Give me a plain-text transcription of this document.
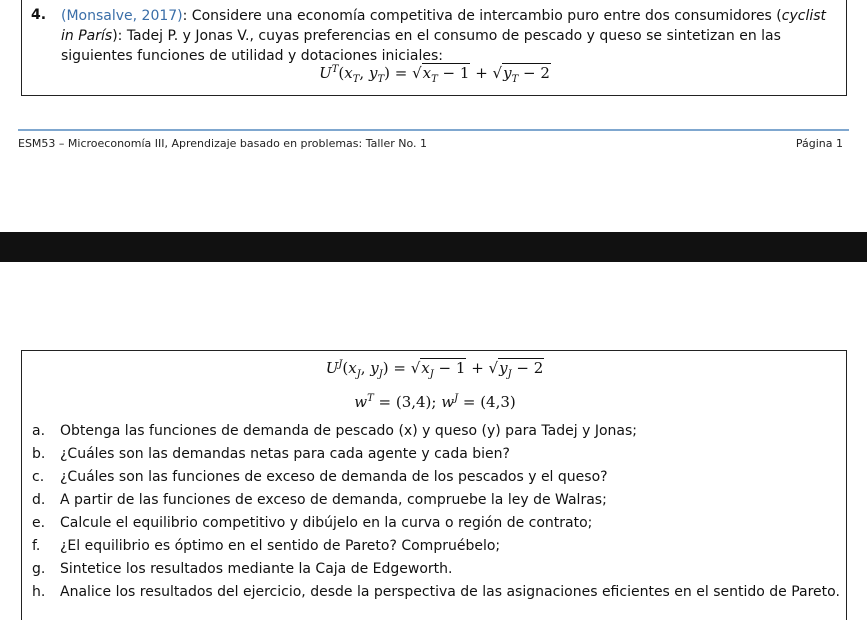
4. (Monsalve, 2017): Considere una economía competitiva de intercambio puro entre dos consumidores (cyclist in París): Tadej P. y Jonas V., cuyas preferencias en el consumo de pescado y queso se sintetizan en las siguientes funciones de utilidad y dotaciones iniciales:
$U^T(x_T$, $y_T) = √x_T - 1 + √y_T - 2$
ESM53 – Microeconomía III, Aprendizaje basado en problemas: Taller No. 1	Página 1
$U^J(x_J$, $y_J) = √x_J - 1 + √y_J - 2$
$w^T = (3,4)$; $w^J = (4,3)$
a. Obtenga las funciones de demanda de pescado (x) y queso (y) para Tadej y Jonas;
b. ¿Cuáles son las demandas netas para cada agente y cada bien?
c. ¿Cuáles son las funciones de exceso de demanda de los pescados y el queso?
d. A partir de las funciones de exceso de demanda, compruebe la ley de Walras;
e. Calcule el equilibrio competitivo y dibújelo en la curva o región de contrato;
f. ¿El equilibrio es óptimo en el sentido de Pareto? Compruébelo;
g. Sintetice los resultados mediante la Caja de Edgeworth.
h. Analice los resultados del ejercicio, desde la perspectiva de las asignaciones eficientes en el sentido de Pareto.
